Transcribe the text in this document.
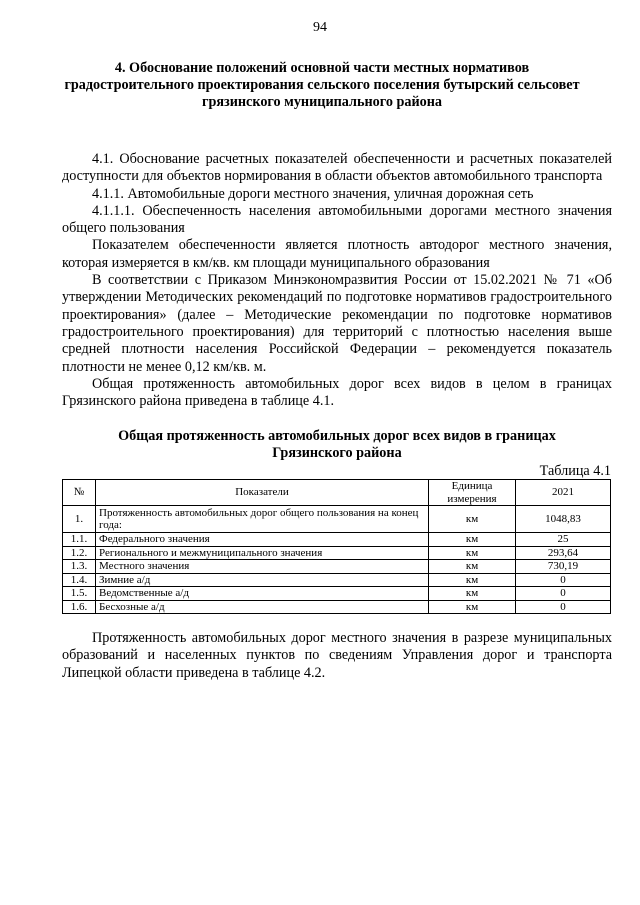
94
4. Обоснование положений основной части местных нормативов
градостроительного проектирования сельского поселения бутырский сельсовет
грязинского муниципального района

4.1. Обоснование расчетных показателей обеспеченности и расчетных показателей доступности для объектов нормирования в области объектов автомобильного транспорта

4.1.1. Автомобильные дороги местного значения, уличная дорожная сеть

4.1.1.1. Обеспеченность населения автомобильными дорогами местного значения общего пользования

Показателем обеспеченности является плотность автодорог местного значения, которая измеряется в км/кв. км площади муниципального образования

В соответствии с Приказом Минэкономразвития России от 15.02.2021 № 71 «Об утверждении Методических рекомендаций по подготовке нормативов градостроительного проектирования» (далее – Методические рекомендации по подготовке нормативов градостроительного проектирования) для территорий с плотностью населения выше средней плотности населения Российской Федерации – рекомендуется показатель плотности не менее 0,12 км/кв. м.

Общая протяженность автомобильных дорог всех видов в целом в границах Грязинского района приведена в таблице 4.1.

Общая протяженность автомобильных дорог всех видов в границах
Грязинского района
Таблица 4.1
№	Показатели	Единица измерения	2021
1.	Протяженность автомобильных дорог общего пользования на конец года:	км	1048,83
1.1.	Федерального значения	км	25
1.2.	Регионального и межмуниципального значения	км	293,64
1.3.	Местного значения	км	730,19
1.4.	Зимние а/д	км	0
1.5.	Ведомственные а/д	км	0
1.6.	Бесхозные а/д	км	0

Протяженность автомобильных дорог местного значения в разрезе муниципальных образований и населенных пунктов по сведениям Управления дорог и транспорта Липецкой области приведена в таблице 4.2.
